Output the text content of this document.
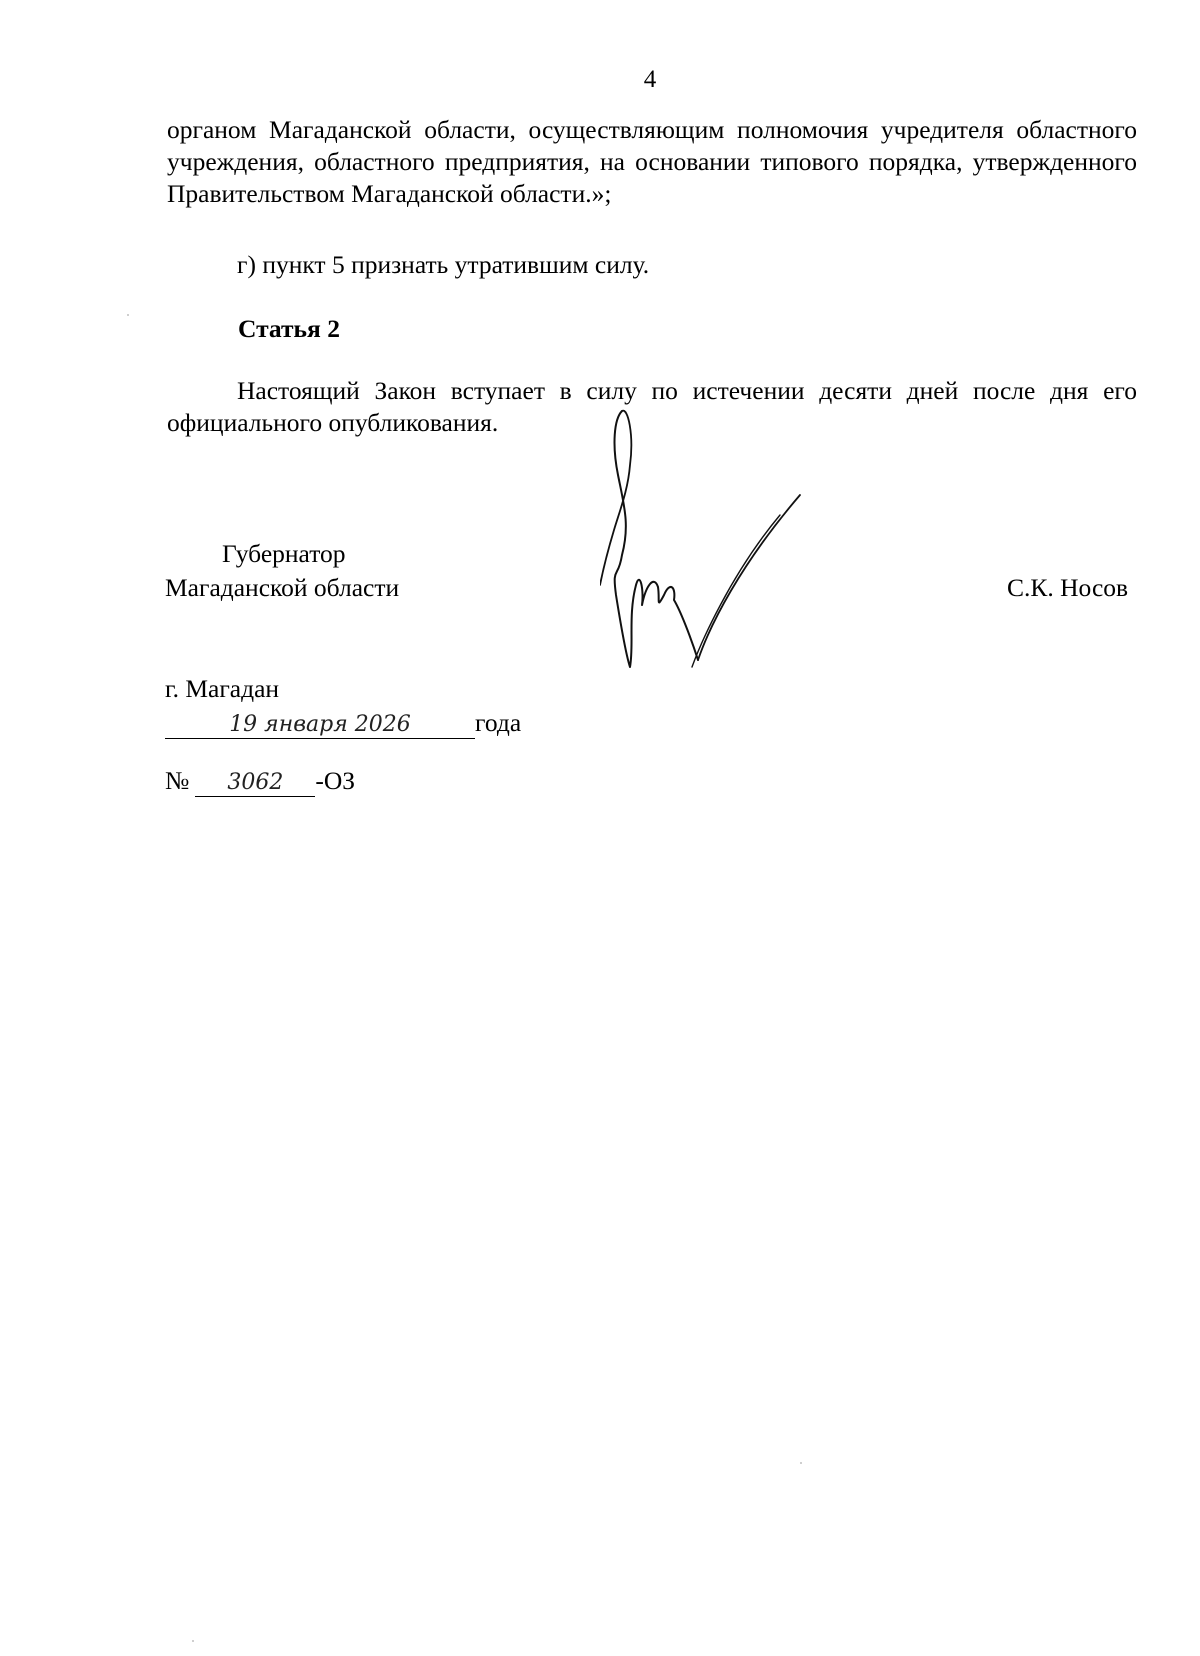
4
органом Магаданской области, осуществляющим полномочия учредителя областного учреждения, областного предприятия, на основании типового порядка, утвержденного Правительством Магаданской области.»;
г) пункт 5 признать утратившим силу.
Статья 2
Настоящий Закон вступает в силу по истечении десяти дней после дня его официального опубликования.
Губернатор
Магаданской области	С.К. Носов
г. Магадан
19 января 2026	года
№ 3062 -ОЗ
